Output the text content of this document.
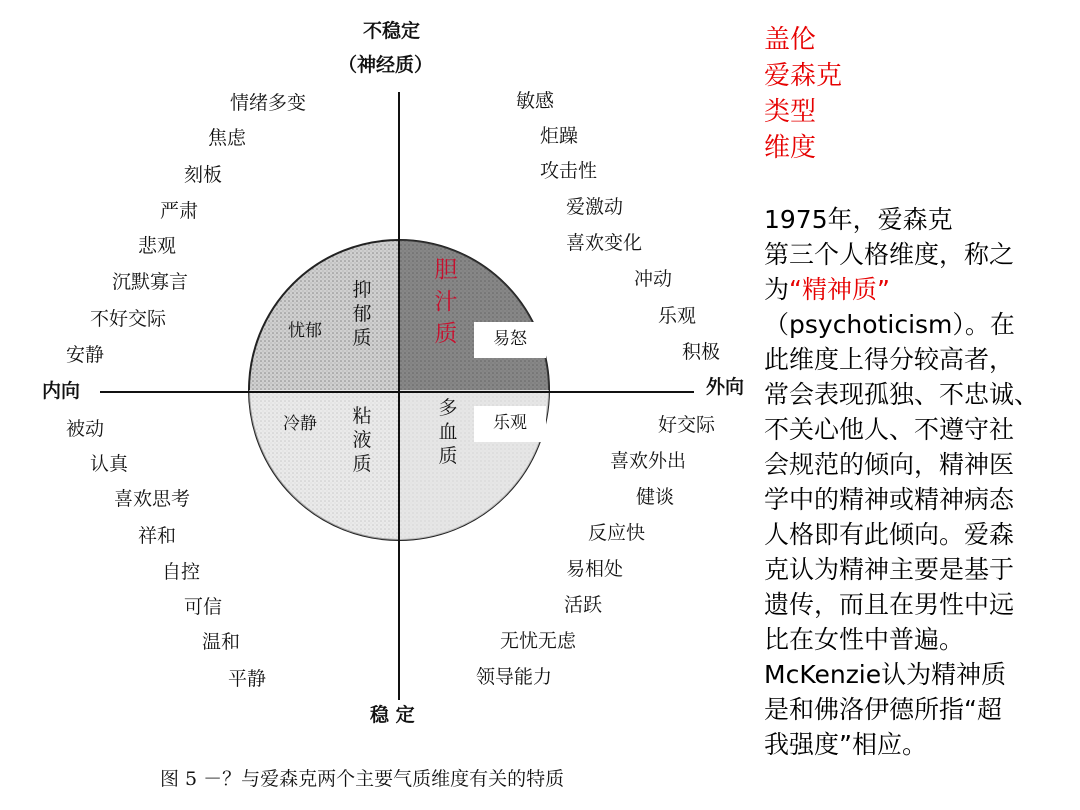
不稳定
（神经质）
稳 定
内向	外向
情绪多变
焦虑
刻板
严肃
悲观
沉默寡言
不好交际
安静
敏感
炬躁
攻击性
爱激动
喜欢变化
冲动
乐观
积极
被动
认真
喜欢思考
祥和
自控
可信
温和
平静
好交际
喜欢外出
健谈
反应快
易相处
活跃
无忧无虑
领导能力
抑
郁
质
胆
汁
质
粘
液
质
多
血
质
忧郁	易怒
冷静	乐观
图 5 －？与爱森克两个主要气质维度有关的特质
盖伦
爱森克
类型
维度
1975年，爱森克
第三个人格维度，称之
为“精神质”
（psychoticism）。在
此维度上得分较高者，
常会表现孤独、不忠诚、
不关心他人、不遵守社
会规范的倾向，精神医
学中的精神或精神病态
人格即有此倾向。爱森
克认为精神主要是基于
遗传，而且在男性中远
比在女性中普遍。
McKenzie认为精神质
是和佛洛伊德所指“超
我强度”相应。
